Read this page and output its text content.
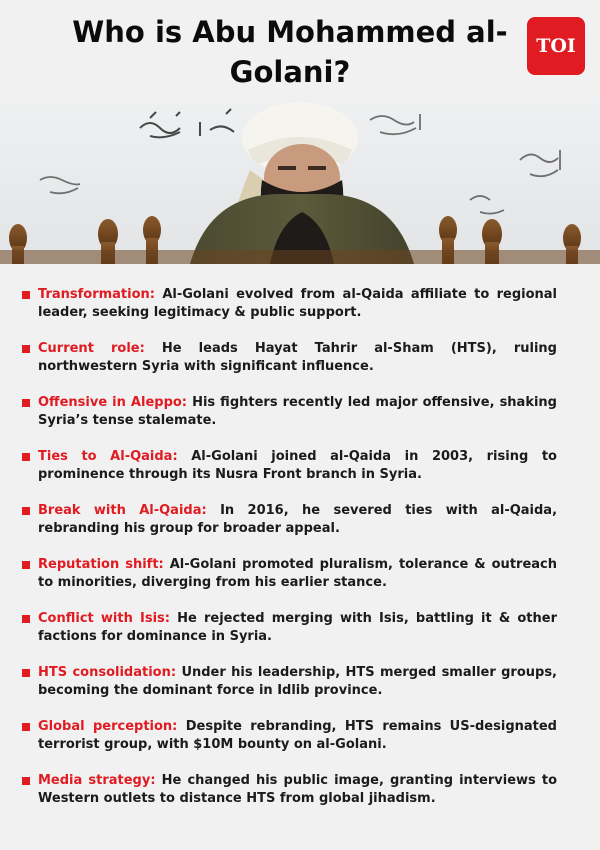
Who is Abu Mohammed al-Golani?
TOI
Transformation: Al-Golani evolved from al-Qaida affiliate to regional leader, seeking legitimacy & public support.
Current role: He leads Hayat Tahrir al-Sham (HTS), ruling northwestern Syria with significant influence.
Offensive in Aleppo: His fighters recently led major offensive, shaking Syria’s tense stalemate.
Ties to Al-Qaida: Al-Golani joined al-Qaida in 2003, rising to prominence through its Nusra Front branch in Syria.
Break with Al-Qaida: In 2016, he severed ties with al-Qaida, rebranding his group for broader appeal.
Reputation shift: Al-Golani promoted pluralism, tolerance & outreach to minorities, diverging from his earlier stance.
Conflict with Isis: He rejected merging with Isis, battling it & other factions for dominance in Syria.
HTS consolidation: Under his leadership, HTS merged smaller groups, becoming the dominant force in Idlib province.
Global perception: Despite rebranding, HTS remains US-designated terrorist group, with $10M bounty on al-Golani.
Media strategy: He changed his public image, granting interviews to Western outlets to distance HTS from global jihadism.
